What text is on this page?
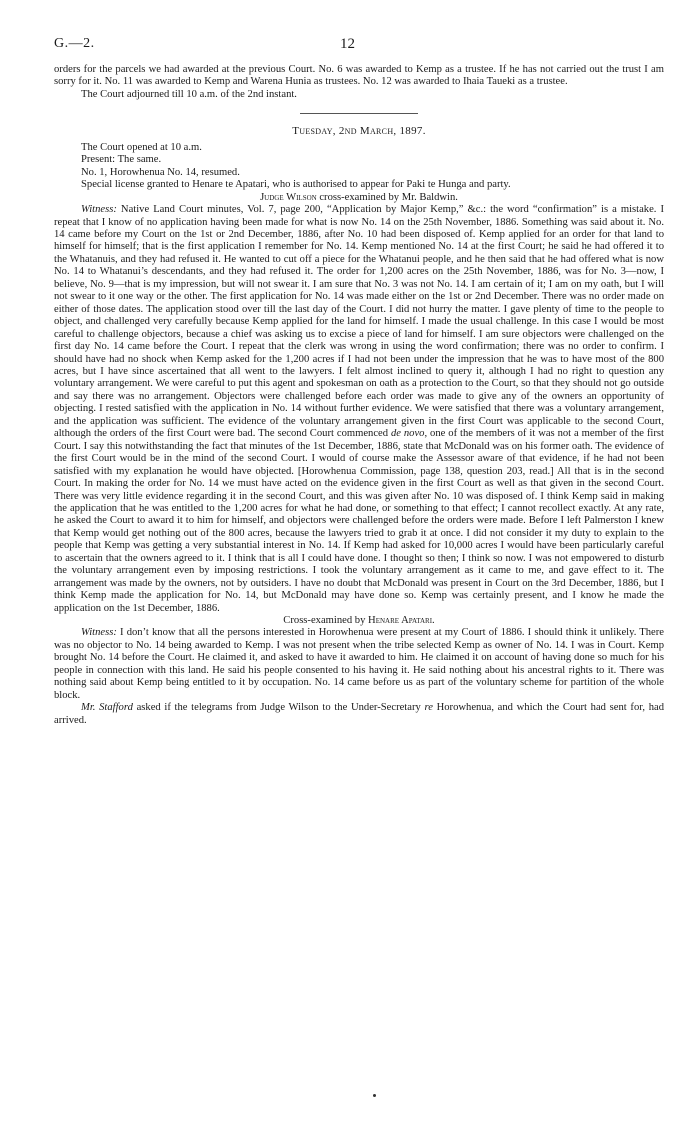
G.—2.	12

orders for the parcels we had awarded at the previous Court. No. 6 was awarded to Kemp as a trustee. If he has not carried out the trust I am sorry for it. No. 11 was awarded to Kemp and Warena Hunia as trustees. No. 12 was awarded to Ihaia Taueki as a trustee.

The Court adjourned till 10 a.m. of the 2nd instant.

Tuesday, 2nd March, 1897.

The Court opened at 10 a.m.

Present: The same.

No. 1, Horowhenua No. 14, resumed.

Special license granted to Henare te Apatari, who is authorised to appear for Paki te Hunga and party.

Judge Wilson cross-examined by Mr. Baldwin.

Witness: Native Land Court minutes, Vol. 7, page 200, “Application by Major Kemp,” &c.: the word “confirmation” is a mistake. I repeat that I know of no application having been made for what is now No. 14 on the 25th November, 1886. Something was said about it. No. 14 came before my Court on the 1st or 2nd December, 1886, after No. 10 had been disposed of. Kemp applied for an order for that land to himself for himself; that is the first application I remember for No. 14. Kemp mentioned No. 14 at the first Court; he said he had offered it to the Whatanuis, and they had refused it. He wanted to cut off a piece for the Whatanui people, and he then said that he had offered what is now No. 14 to Whatanui’s descendants, and they had refused it. The order for 1,200 acres on the 25th November, 1886, was for No. 3—now, I believe, No. 9—that is my impression, but will not swear it. I am sure that No. 3 was not No. 14. I am certain of it; I am on my oath, but I will not swear to it one way or the other. The first application for No. 14 was made either on the 1st or 2nd December. There was no order made on either of those dates. The application stood over till the last day of the Court. I did not hurry the matter. I gave plenty of time to the people to object, and challenged very carefully because Kemp applied for the land for himself. I made the usual challenge. In this case I would be most careful to challenge objectors, because a chief was asking us to excise a piece of land for himself. I am sure objectors were challenged on the first day No. 14 came before the Court. I repeat that the clerk was wrong in using the word confirmation; there was no order to confirm. I should have had no shock when Kemp asked for the 1,200 acres if I had not been under the impression that he was to have most of the 800 acres, but I have since ascertained that all went to the lawyers. I felt almost inclined to query it, although I had no right to question any voluntary arrangement. We were careful to put this agent and spokesman on oath as a protection to the Court, so that they should not go outside and say there was no arrangement. Objectors were challenged before each order was made to give any of the owners an opportunity of objecting. I rested satisfied with the application in No. 14 without further evidence. We were satisfied that there was a voluntary arrangement, and the application was sufficient. The evidence of the voluntary arrangement given in the first Court was applicable to the second Court, although the orders of the first Court were bad. The second Court commenced de novo, one of the members of it was not a member of the first Court. I say this notwithstanding the fact that minutes of the 1st December, 1886, state that McDonald was on his former oath. The evidence of the first Court would be in the mind of the second Court. I would of course make the Assessor aware of that evidence, if he had not been satisfied with my explanation he would have objected. [Horowhenua Commission, page 138, question 203, read.] All that is in the second Court. In making the order for No. 14 we must have acted on the evidence given in the first Court as well as that given in the second Court. There was very little evidence regarding it in the second Court, and this was given after No. 10 was disposed of. I think Kemp said in making the application that he was entitled to the 1,200 acres for what he had done, or something to that effect; I cannot recollect exactly. At any rate, he asked the Court to award it to him for himself, and objectors were challenged before the orders were made. Before I left Palmerston I knew that Kemp would get nothing out of the 800 acres, because the lawyers tried to grab it at once. I did not consider it my duty to explain to the people that Kemp was getting a very substantial interest in No. 14. If Kemp had asked for 10,000 acres I would have been particularly careful to ascertain that the owners agreed to it. I think that is all I could have done. I thought so then; I think so now. I was not empowered to disturb the voluntary arrangement even by imposing restrictions. I took the voluntary arrangement as it came to me, and gave effect to it. The arrangement was made by the owners, not by outsiders. I have no doubt that McDonald was present in Court on the 3rd December, 1886, but I think Kemp made the application for No. 14, but McDonald may have done so. Kemp was certainly present, and I know he made the application on the 1st December, 1886.

Cross-examined by Henare Apatari.

Witness: I don’t know that all the persons interested in Horowhenua were present at my Court of 1886. I should think it unlikely. There was no objector to No. 14 being awarded to Kemp. I was not present when the tribe selected Kemp as owner of No. 14. I was in Court. Kemp brought No. 14 before the Court. He claimed it, and asked to have it awarded to him. He claimed it on account of having done so much for his people in connection with this land. He said his people consented to his having it. He said nothing about his ancestral rights to it. There was nothing said about Kemp being entitled to it by occupation. No. 14 came before us as part of the voluntary scheme for partition of the whole block.

Mr. Stafford asked if the telegrams from Judge Wilson to the Under-Secretary re Horowhenua, and which the Court had sent for, had arrived.
